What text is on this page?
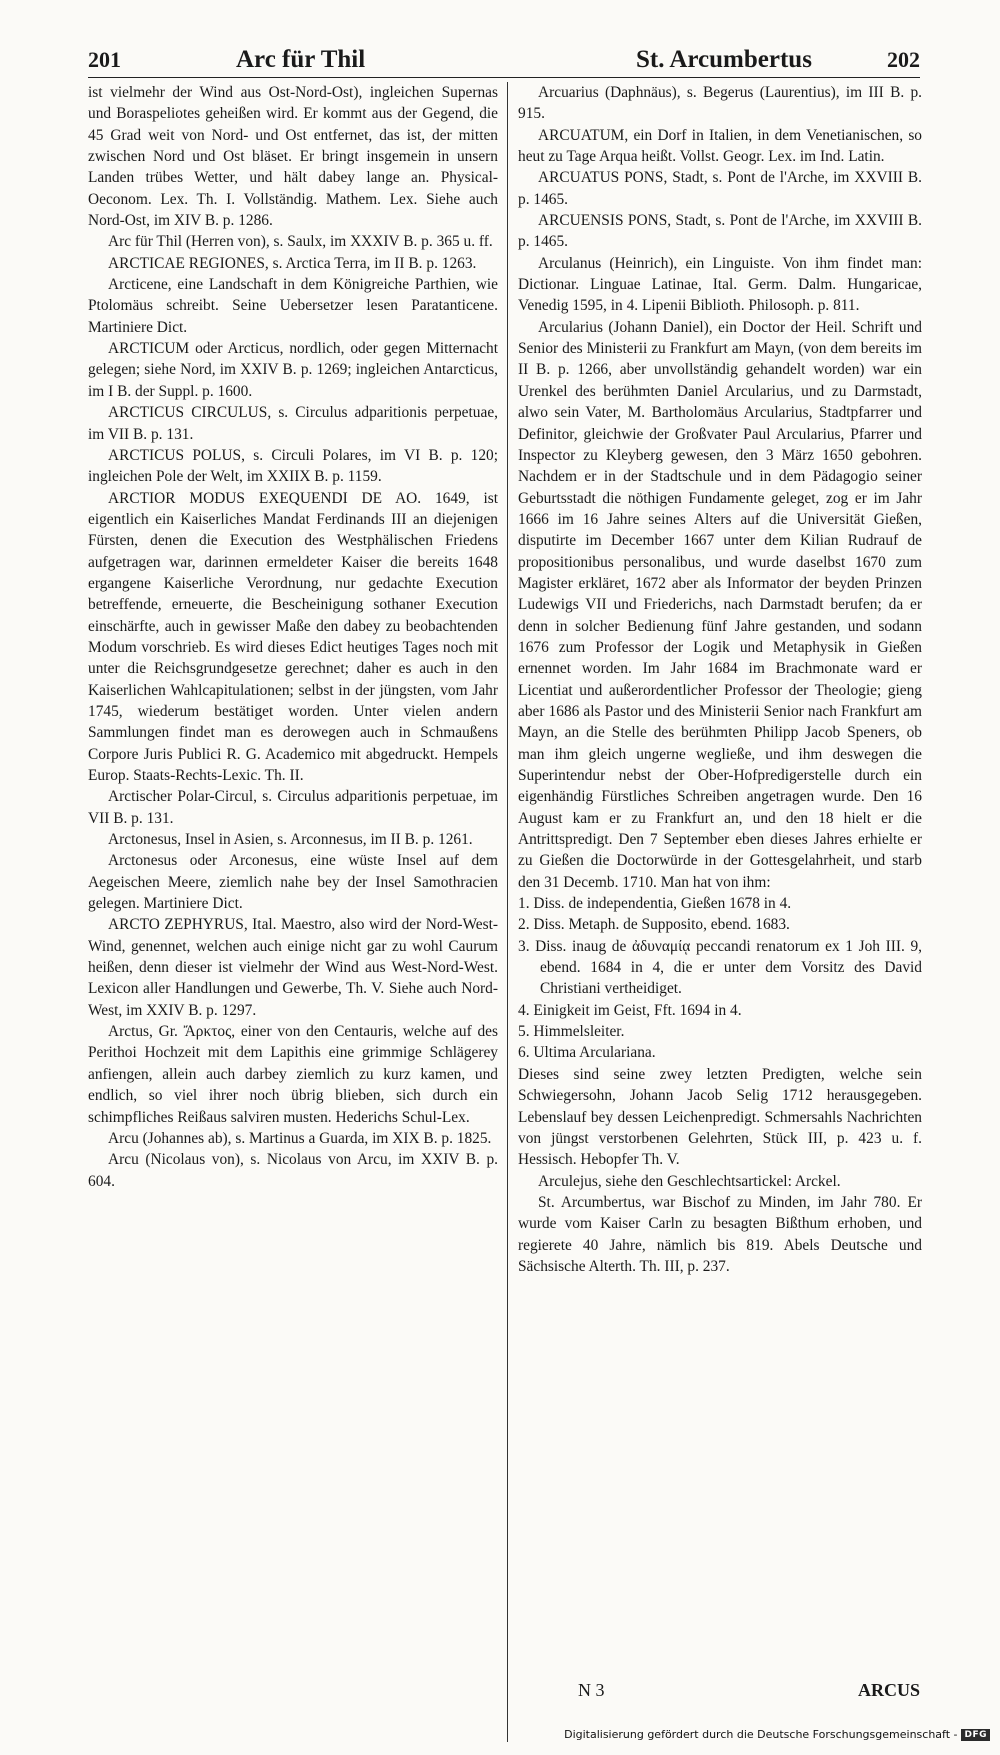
201	Arc für Thil	St. Arcumbertus	202

ist vielmehr der Wind aus Ost-Nord-Ost), ingleichen Supernas und Boraspeliotes geheißen wird. Er kommt aus der Gegend, die 45 Grad weit von Nord- und Ost entfernet, das ist, der mitten zwischen Nord und Ost bläset. Er bringt insgemein in unsern Landen trübes Wetter, und hält dabey lange an. Physical-Oeconom. Lex. Th. I. Vollständig. Mathem. Lex. Siehe auch Nord-Ost, im XIV B. p. 1286.

Arc für Thil (Herren von), s. Saulx, im XXXIV B. p. 365 u. ff.

ARCTICAE REGIONES, s. Arctica Terra, im II B. p. 1263.

Arcticene, eine Landschaft in dem Königreiche Parthien, wie Ptolomäus schreibt. Seine Uebersetzer lesen Paratanticene. Martiniere Dict.

ARCTICUM oder Arcticus, nordlich, oder gegen Mitternacht gelegen; siehe Nord, im XXIV B. p. 1269; ingleichen Antarcticus, im I B. der Suppl. p. 1600.

ARCTICUS CIRCULUS, s. Circulus adparitionis perpetuae, im VII B. p. 131.

ARCTICUS POLUS, s. Circuli Polares, im VI B. p. 120; ingleichen Pole der Welt, im XXIIX B. p. 1159.

ARCTIOR MODUS EXEQUENDI DE AO. 1649, ist eigentlich ein Kaiserliches Mandat Ferdinands III an diejenigen Fürsten, denen die Execution des Westphälischen Friedens aufgetragen war, darinnen ermeldeter Kaiser die bereits 1648 ergangene Kaiserliche Verordnung, nur gedachte Execution betreffende, erneuerte, die Bescheinigung sothaner Execution einschärfte, auch in gewisser Maße den dabey zu beobachtenden Modum vorschrieb. Es wird dieses Edict heutiges Tages noch mit unter die Reichsgrundgesetze gerechnet; daher es auch in den Kaiserlichen Wahlcapitulationen; selbst in der jüngsten, vom Jahr 1745, wiederum bestätiget worden. Unter vielen andern Sammlungen findet man es derowegen auch in Schmaußens Corpore Juris Publici R. G. Academico mit abgedruckt. Hempels Europ. Staats-Rechts-Lexic. Th. II.

Arctischer Polar-Circul, s. Circulus adparitionis perpetuae, im VII B. p. 131.

Arctonesus, Insel in Asien, s. Arconnesus, im II B. p. 1261.

Arctonesus oder Arconesus, eine wüste Insel auf dem Aegeischen Meere, ziemlich nahe bey der Insel Samothracien gelegen. Martiniere Dict.

ARCTO ZEPHYRUS, Ital. Maestro, also wird der Nord-West-Wind, genennet, welchen auch einige nicht gar zu wohl Caurum heißen, denn dieser ist vielmehr der Wind aus West-Nord-West. Lexicon aller Handlungen und Gewerbe, Th. V. Siehe auch Nord-West, im XXIV B. p. 1297.

Arctus, Gr. Ἄρκτος, einer von den Centauris, welche auf des Perithoi Hochzeit mit dem Lapithis eine grimmige Schlägerey anfiengen, allein auch darbey ziemlich zu kurz kamen, und endlich, so viel ihrer noch übrig blieben, sich durch ein schimpfliches Reißaus salviren musten. Hederichs Schul-Lex.

Arcu (Johannes ab), s. Martinus a Guarda, im XIX B. p. 1825.

Arcu (Nicolaus von), s. Nicolaus von Arcu, im XXIV B. p. 604.

Arcuarius (Daphnäus), s. Begerus (Laurentius), im III B. p. 915.

ARCUATUM, ein Dorf in Italien, in dem Venetianischen, so heut zu Tage Arqua heißt. Vollst. Geogr. Lex. im Ind. Latin.

ARCUATUS PONS, Stadt, s. Pont de l'Arche, im XXVIII B. p. 1465.

ARCUENSIS PONS, Stadt, s. Pont de l'Arche, im XXVIII B. p. 1465.

Arculanus (Heinrich), ein Linguiste. Von ihm findet man: Dictionar. Linguae Latinae, Ital. Germ. Dalm. Hungaricae, Venedig 1595, in 4. Lipenii Biblioth. Philosoph. p. 811.

Arcularius (Johann Daniel), ein Doctor der Heil. Schrift und Senior des Ministerii zu Frankfurt am Mayn, (von dem bereits im II B. p. 1266, aber unvollständig gehandelt worden) war ein Urenkel des berühmten Daniel Arcularius, und zu Darmstadt, alwo sein Vater, M. Bartholomäus Arcularius, Stadtpfarrer und Definitor, gleichwie der Großvater Paul Arcularius, Pfarrer und Inspector zu Kleyberg gewesen, den 3 März 1650 gebohren. Nachdem er in der Stadtschule und in dem Pädagogio seiner Geburtsstadt die nöthigen Fundamente geleget, zog er im Jahr 1666 im 16 Jahre seines Alters auf die Universität Gießen, disputirte im December 1667 unter dem Kilian Rudrauf de propositionibus personalibus, und wurde daselbst 1670 zum Magister erkläret, 1672 aber als Informator der beyden Prinzen Ludewigs VII und Friederichs, nach Darmstadt berufen; da er denn in solcher Bedienung fünf Jahre gestanden, und sodann 1676 zum Professor der Logik und Metaphysik in Gießen ernennet worden. Im Jahr 1684 im Brachmonate ward er Licentiat und außerordentlicher Professor der Theologie; gieng aber 1686 als Pastor und des Ministerii Senior nach Frankfurt am Mayn, an die Stelle des berühmten Philipp Jacob Speners, ob man ihm gleich ungerne wegließe, und ihm deswegen die Superintendur nebst der Ober-Hofpredigerstelle durch ein eigenhändig Fürstliches Schreiben angetragen wurde. Den 16 August kam er zu Frankfurt an, und den 18 hielt er die Antrittspredigt. Den 7 September eben dieses Jahres erhielte er zu Gießen die Doctorwürde in der Gottesgelahrheit, und starb den 31 Decemb. 1710. Man hat von ihm:

1. Diss. de independentia, Gießen 1678 in 4.
2. Diss. Metaph. de Supposito, ebend. 1683.
3. Diss. inaug de ἀδυναμίᾳ peccandi renatorum ex 1 Joh III. 9, ebend. 1684 in 4, die er unter dem Vorsitz des David Christiani vertheidiget.
4. Einigkeit im Geist, Fft. 1694 in 4.
5. Himmelsleiter.
6. Ultima Arculariana.

Dieses sind seine zwey letzten Predigten, welche sein Schwiegersohn, Johann Jacob Selig 1712 herausgegeben. Lebenslauf bey dessen Leichenpredigt. Schmersahls Nachrichten von jüngst verstorbenen Gelehrten, Stück III, p. 423 u. f. Hessisch. Hebopfer Th. V.

Arculejus, siehe den Geschlechtsartickel: Arckel.

St. Arcumbertus, war Bischof zu Minden, im Jahr 780. Er wurde vom Kaiser Carln zu besagten Bißthum erhoben, und regierete 40 Jahre, nämlich bis 819. Abels Deutsche und Sächsische Alterth. Th. III, p. 237.

N 3	ARCUS
Digitalisierung gefördert durch die Deutsche Forschungsgemeinschaft - DFG
